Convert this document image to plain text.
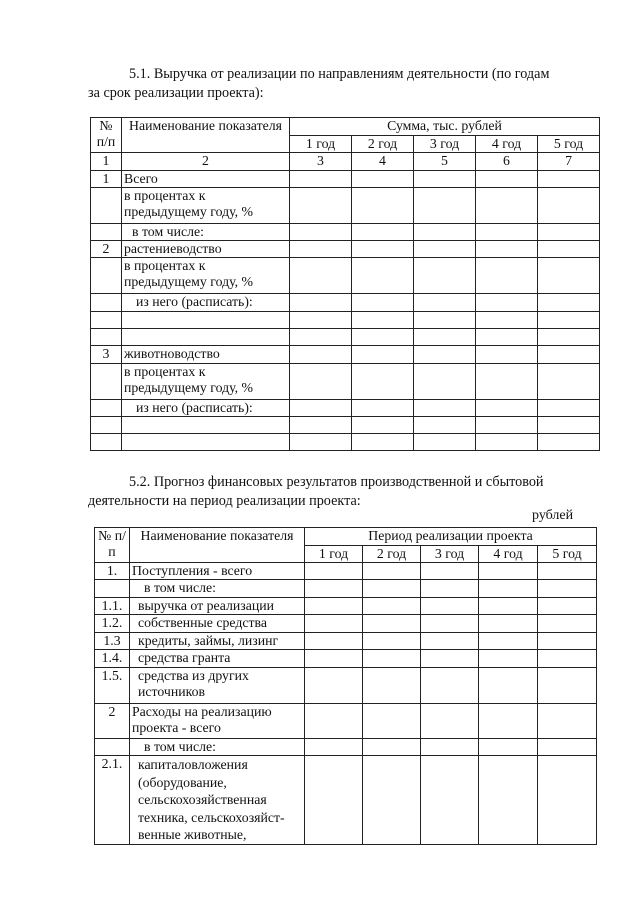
5.1. Выручка от реализации по направлениям деятельности (по годам
за срок реализации проекта):
№ п/п	Наименование показателя	Сумма, тыс. рублей				
		1 год	2 год	3 год	4 год	5 год
1	2	3	4	5	6	7
1	Всего					
	в процентах к предыдущему году, %					
	в том числе:					
2	растениеводство					
	в процентах к предыдущему году, %					
	из него (расписать):					

3	животноводство					
	в процентах к предыдущему году, %					
	из него (расписать):					

5.2. Прогноз финансовых результатов производственной и сбытовой
деятельности на период реализации проекта:
рублей
№ п/п	Наименование показателя	Период реализации проекта				
		1 год	2 год	3 год	4 год	5 год
1.	Поступления - всего					
	в том числе:					
1.1.	выручка от реализации					
1.2.	собственные средства					
1.3	кредиты, займы, лизинг					
1.4.	средства гранта					
1.5.	средства из других источников					
2	Расходы на реализацию проекта - всего					
	в том числе:					
2.1.	капиталовложения (оборудование, сельскохозяйственная техника, сельскохозяйст-венные животные,					
